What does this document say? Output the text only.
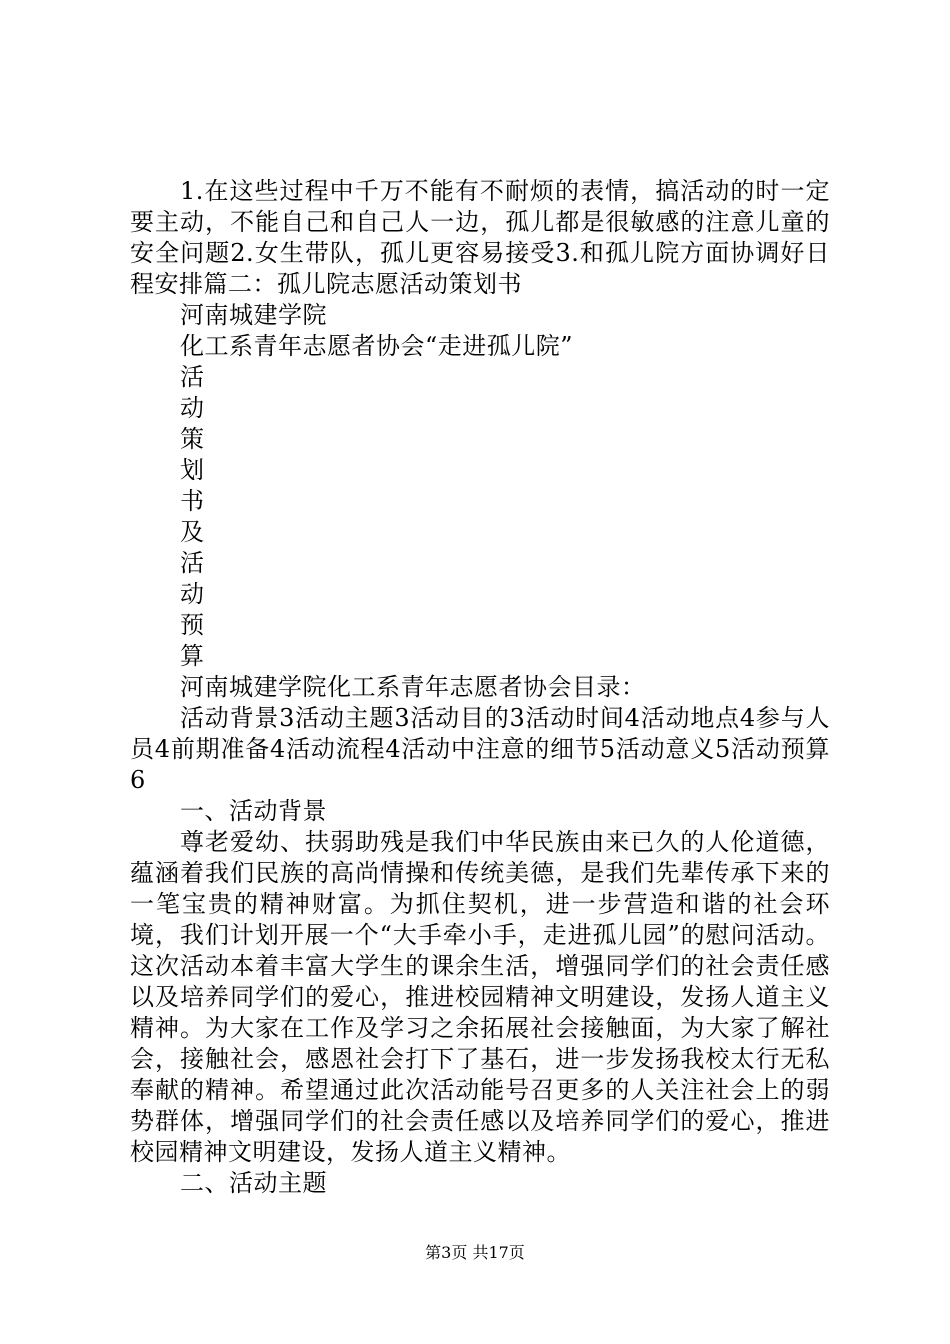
1.在这些过程中千万不能有不耐烦的表情，搞活动的时一定要主动，不能自己和自己人一边，孤儿都是很敏感的注意儿童的安全问题2.女生带队，孤儿更容易接受3.和孤儿院方面协调好日程安排篇二：孤儿院志愿活动策划书

河南城建学院

化工系青年志愿者协会“走进孤儿院”

活

动

策

划

书

及

活

动

预

算

河南城建学院化工系青年志愿者协会目录：

活动背景3活动主题3活动目的3活动时间4活动地点4参与人员4前期准备4活动流程4活动中注意的细节5活动意义5活动预算6

一、活动背景

尊老爱幼、扶弱助残是我们中华民族由来已久的人伦道德，蕴涵着我们民族的高尚情操和传统美德，是我们先辈传承下来的一笔宝贵的精神财富。为抓住契机，进一步营造和谐的社会环境，我们计划开展一个“大手牵小手，走进孤儿园”的慰问活动。这次活动本着丰富大学生的课余生活，增强同学们的社会责任感以及培养同学们的爱心，推进校园精神文明建设，发扬人道主义精神。为大家在工作及学习之余拓展社会接触面，为大家了解社会，接触社会，感恩社会打下了基石，进一步发扬我校太行无私奉献的精神。希望通过此次活动能号召更多的人关注社会上的弱势群体，增强同学们的社会责任感以及培养同学们的爱心，推进校园精神文明建设，发扬人道主义精神。

二、活动主题

第3页 共17页
